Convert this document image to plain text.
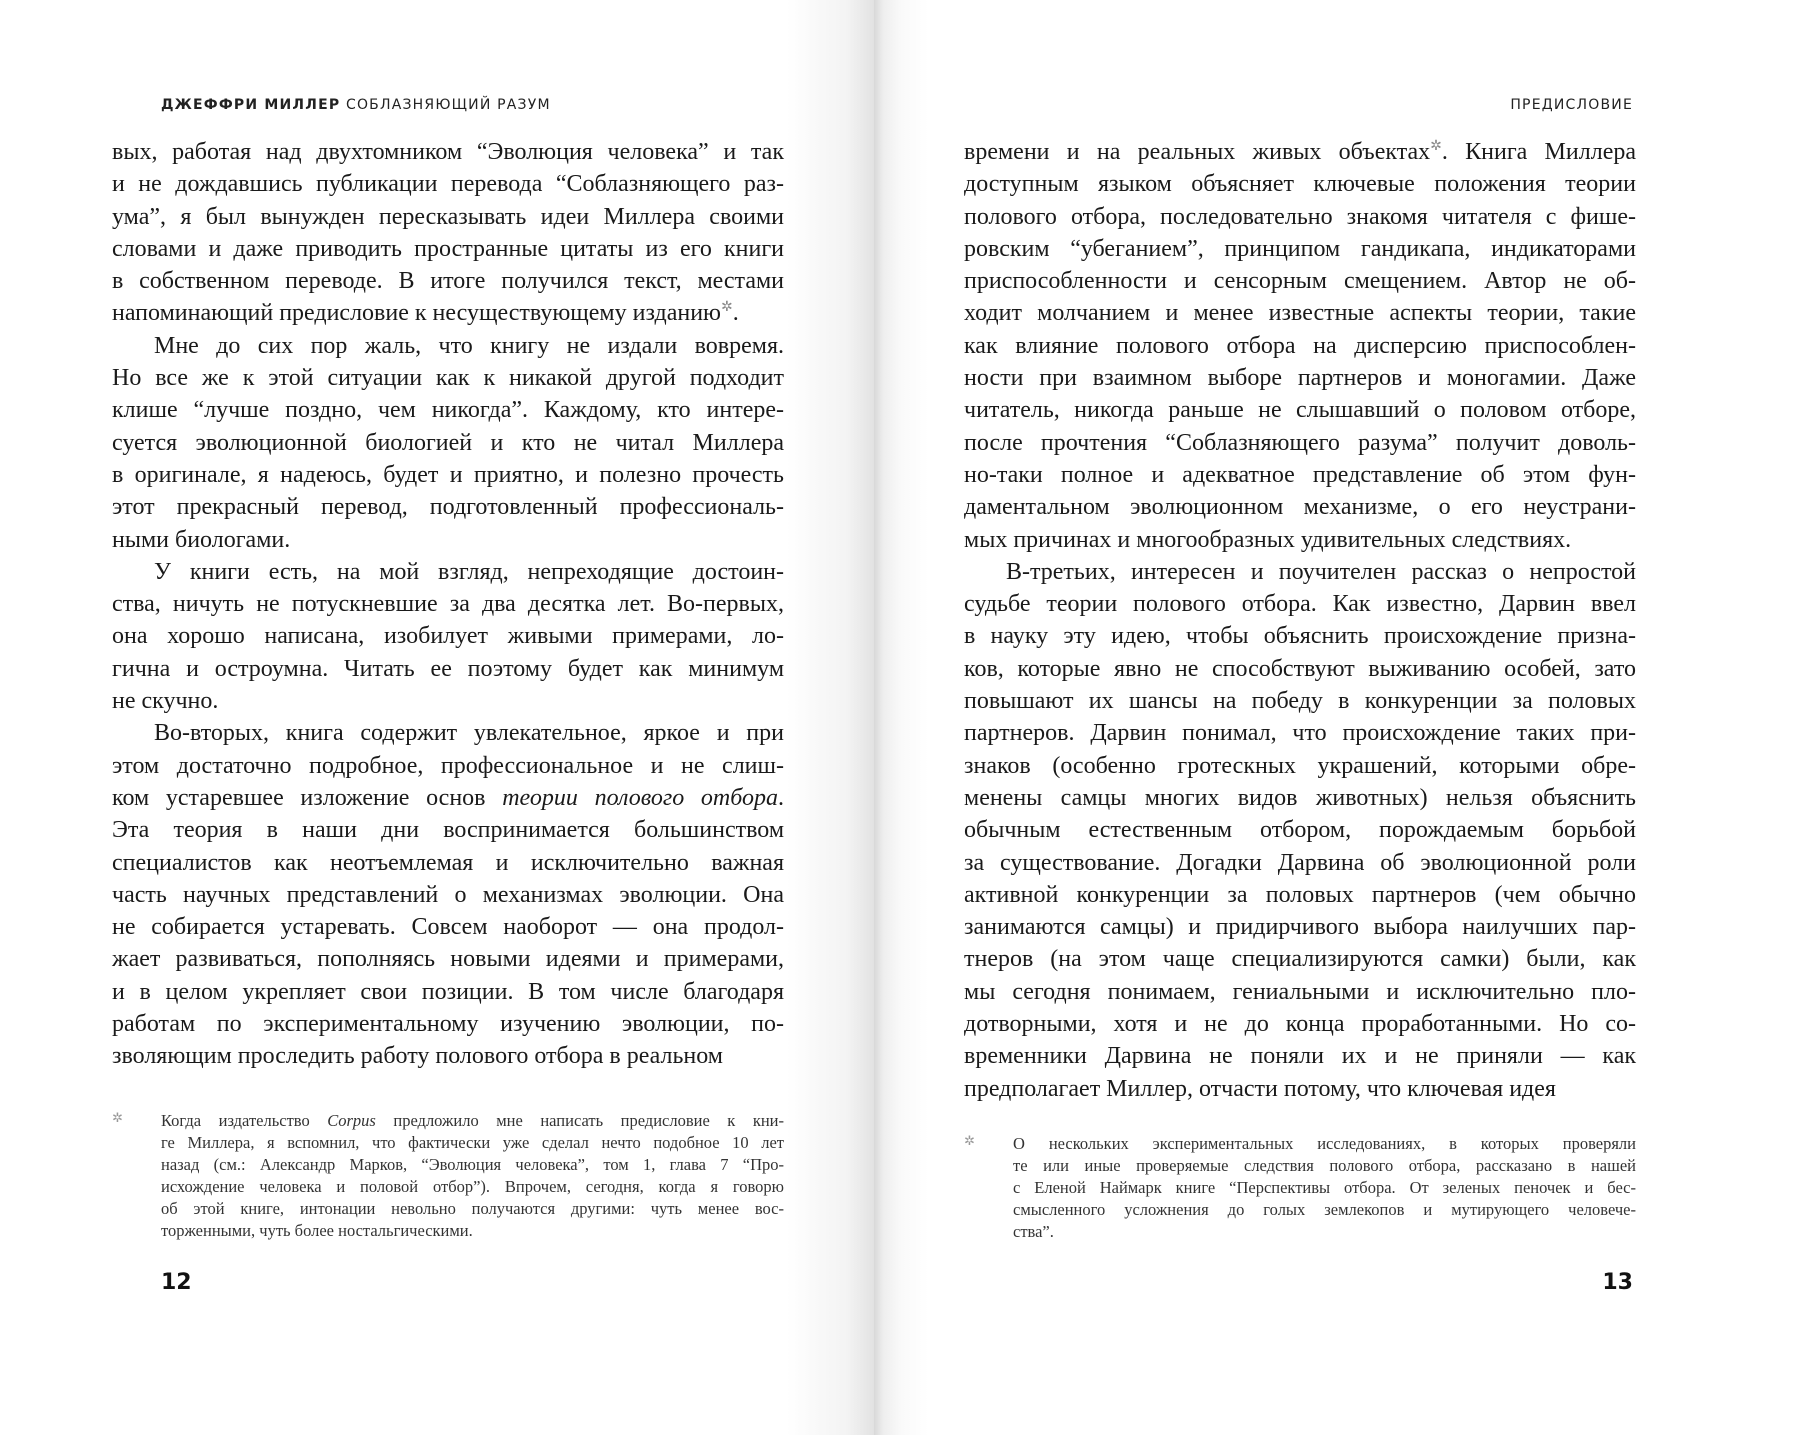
ДЖЕФФРИ МИЛЛЕР СОБЛАЗНЯЮЩИЙ РАЗУМ
вых, работая над двухтомником “Эволюция человека” и так
и не дождавшись публикации перевода “Соблазняющего раз-
ума”, я был вынужден пересказывать идеи Миллера своими
словами и даже приводить пространные цитаты из его книги
в собственном переводе. В итоге получился текст, местами
напоминающий предисловие к несуществующему изданию✲.
Мне до сих пор жаль, что книгу не издали вовремя.
Но все же к этой ситуации как к никакой другой подходит
клише “лучше поздно, чем никогда”. Каждому, кто интере-
суется эволюционной биологией и кто не читал Миллера
в оригинале, я надеюсь, будет и приятно, и полезно прочесть
этот прекрасный перевод, подготовленный профессиональ-
ными биологами.
У книги есть, на мой взгляд, непреходящие достоин-
ства, ничуть не потускневшие за два десятка лет. Во-первых,
она хорошо написана, изобилует живыми примерами, ло-
гична и остроумна. Читать ее поэтому будет как минимум
не скучно.
Во-вторых, книга содержит увлекательное, яркое и при
этом достаточно подробное, профессиональное и не слиш-
ком устаревшее изложение основ теории полового отбора.
Эта теория в наши дни воспринимается большинством
специалистов как неотъемлемая и исключительно важная
часть научных представлений о механизмах эволюции. Она
не собирается устаревать. Совсем наоборот — она продол-
жает развиваться, пополняясь новыми идеями и примерами,
и в целом укрепляет свои позиции. В том числе благодаря
работам по экспериментальному изучению эволюции, по-
зволяющим проследить работу полового отбора в реальном
✲ Когда издательство Corpus предложило мне написать предисловие к кни-
ге Миллера, я вспомнил, что фактически уже сделал нечто подобное 10 лет
назад (см.: Александр Марков, “Эволюция человека”, том 1, глава 7 “Про-
исхождение человека и половой отбор”). Впрочем, сегодня, когда я говорю
об этой книге, интонации невольно получаются другими: чуть менее вос-
торженными, чуть более ностальгическими.
12
ПРЕДИСЛОВИЕ
времени и на реальных живых объектах✲. Книга Миллера
доступным языком объясняет ключевые положения теории
полового отбора, последовательно знакомя читателя с фише-
ровским “убеганием”, принципом гандикапа, индикаторами
приспособленности и сенсорным смещением. Автор не об-
ходит молчанием и менее известные аспекты теории, такие
как влияние полового отбора на дисперсию приспособлен-
ности при взаимном выборе партнеров и моногамии. Даже
читатель, никогда раньше не слышавший о половом отборе,
после прочтения “Соблазняющего разума” получит доволь-
но-таки полное и адекватное представление об этом фун-
даментальном эволюционном механизме, о его неустрани-
мых причинах и многообразных удивительных следствиях.
В-третьих, интересен и поучителен рассказ о непростой
судьбе теории полового отбора. Как известно, Дарвин ввел
в науку эту идею, чтобы объяснить происхождение призна-
ков, которые явно не способствуют выживанию особей, зато
повышают их шансы на победу в конкуренции за половых
партнеров. Дарвин понимал, что происхождение таких при-
знаков (особенно гротескных украшений, которыми обре-
менены самцы многих видов животных) нельзя объяснить
обычным естественным отбором, порождаемым борьбой
за существование. Догадки Дарвина об эволюционной роли
активной конкуренции за половых партнеров (чем обычно
занимаются самцы) и придирчивого выбора наилучших пар-
тнеров (на этом чаще специализируются самки) были, как
мы сегодня понимаем, гениальными и исключительно пло-
дотворными, хотя и не до конца проработанными. Но со-
временники Дарвина не поняли их и не приняли — как
предполагает Миллер, отчасти потому, что ключевая идея
✲ О нескольких экспериментальных исследованиях, в которых проверяли
те или иные проверяемые следствия полового отбора, рассказано в нашей
с Еленой Наймарк книге “Перспективы отбора. От зеленых пеночек и бес-
смысленного усложнения до голых землекопов и мутирующего человече-
ства”.
13
